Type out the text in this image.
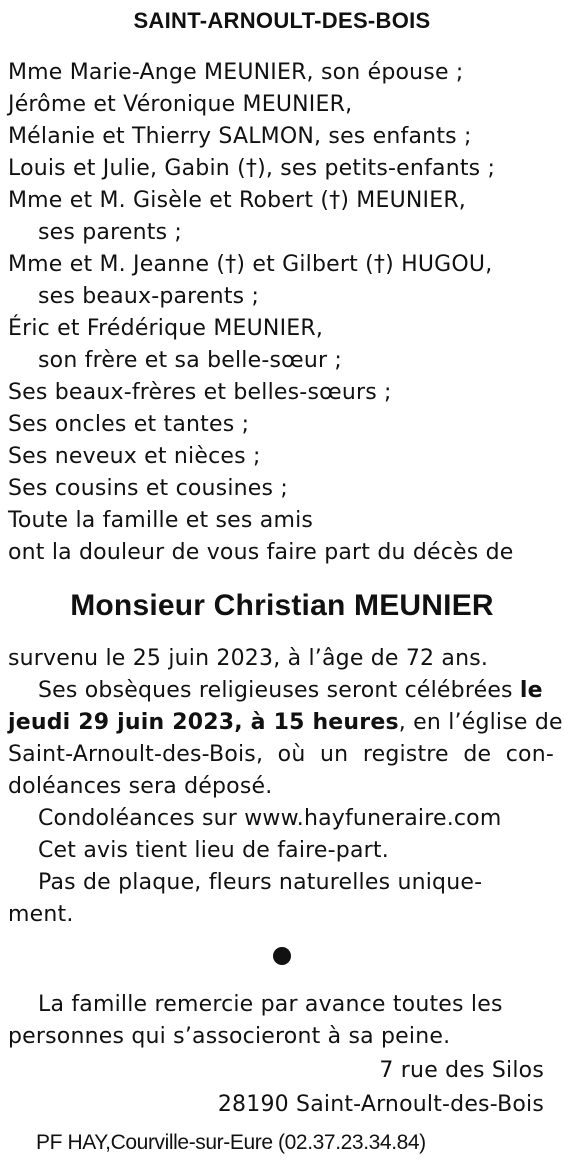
SAINT-ARNOULT-DES-BOIS
Mme Marie-Ange MEUNIER, son épouse ;
Jérôme et Véronique MEUNIER,
Mélanie et Thierry SALMON, ses enfants ;
Louis et Julie, Gabin (†), ses petits-enfants ;
Mme et M. Gisèle et Robert (†) MEUNIER,
ses parents ;
Mme et M. Jeanne (†) et Gilbert (†) HUGOU,
ses beaux-parents ;
Éric et Frédérique MEUNIER,
son frère et sa belle-sœur ;
Ses beaux-frères et belles-sœurs ;
Ses oncles et tantes ;
Ses neveux et nièces ;
Ses cousins et cousines ;
Toute la famille et ses amis
ont la douleur de vous faire part du décès de
Monsieur Christian MEUNIER
survenu le 25 juin 2023, à l’âge de 72 ans.
Ses obsèques religieuses seront célébrées le
jeudi 29 juin 2023, à 15 heures, en l’église de
Saint-Arnoult-des-Bois, où un registre de con-
doléances sera déposé.
Condoléances sur www.hayfuneraire.com
Cet avis tient lieu de faire-part.
Pas de plaque, fleurs naturelles unique-
ment.
La famille remercie par avance toutes les
personnes qui s’associeront à sa peine.
7 rue des Silos
28190 Saint-Arnoult-des-Bois
PF HAY,Courville-sur-Eure (02.37.23.34.84)
